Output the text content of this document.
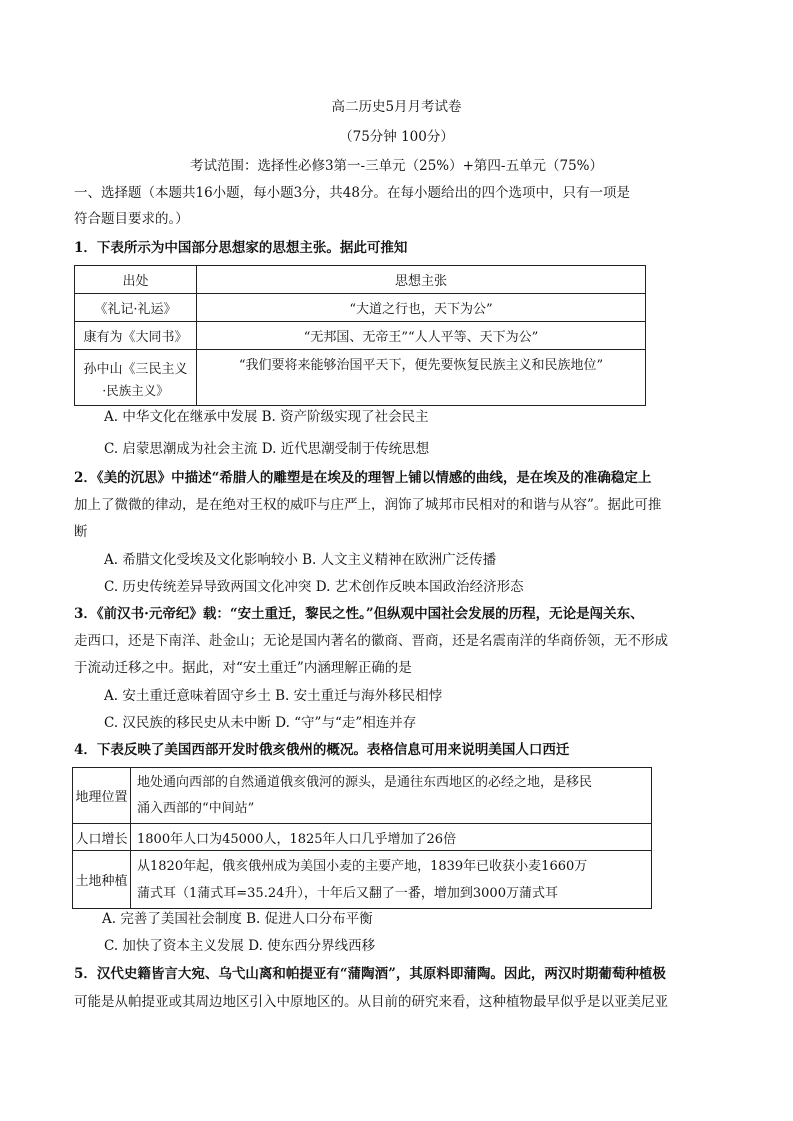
高二历史5月月考试卷
（75分钟 100分）
考试范围：选择性必修3第一-三单元（25%）+第四-五单元（75%）
一、选择题（本题共16小题，每小题3分，共48分。在每小题给出的四个选项中，只有一项是
符合题目要求的。）
1．下表所示为中国部分思想家的思想主张。据此可推知
出处	思想主张
《礼记·礼运》	“大道之行也，天下为公”
康有为《大同书》	“无邦国、无帝王”“人人平等、天下为公”
孙中山《三民主义
·民族主义》	“我们要将来能够治国平天下，便先要恢复民族主义和民族地位”
A. 中华文化在继承中发展 B. 资产阶级实现了社会民主
C. 启蒙思潮成为社会主流 D. 近代思潮受制于传统思想
2．《美的沉思》中描述“希腊人的雕塑是在埃及的理智上铺以情感的曲线，是在埃及的准确稳定上
加上了微微的律动，是在绝对王权的威吓与庄严上，润饰了城邦市民相对的和谐与从容”。据此可推
断
A. 希腊文化受埃及文化影响较小 B. 人文主义精神在欧洲广泛传播
C. 历史传统差异导致两国文化冲突 D. 艺术创作反映本国政治经济形态
3．《前汉书·元帝纪》载：“安土重迁，黎民之性。”但纵观中国社会发展的历程，无论是闯关东、
走西口，还是下南洋、赴金山；无论是国内著名的徽商、晋商，还是名震南洋的华商侨领，无不形成
于流动迁移之中。据此，对“安土重迁”内涵理解正确的是
A. 安土重迁意味着固守乡土 B. 安土重迁与海外移民相悖
C. 汉民族的移民史从未中断 D. “守”与“走”相连并存
4．下表反映了美国西部开发时俄亥俄州的概况。表格信息可用来说明美国人口西迁
地理位置	地处通向西部的自然通道俄亥俄河的源头，是通往东西地区的必经之地，是移民
涌入西部的“中间站”

人口增长	1800年人口为45000人，1825年人口几乎增加了26倍
土地种植	从1820年起，俄亥俄州成为美国小麦的主要产地，1839年已收获小麦1660万
蒲式耳（1蒲式耳=35.24升），十年后又翻了一番，增加到3000万蒲式耳
A. 完善了美国社会制度 B. 促进人口分布平衡
C. 加快了资本主义发展 D. 使东西分界线西移
5．汉代史籍皆言大宛、乌弋山离和帕提亚有“蒲陶酒”，其原料即蒲陶。因此，两汉时期葡萄种植极
可能是从帕提亚或其周边地区引入中原地区的。从目前的研究来看，这种植物最早似乎是以亚美尼亚
